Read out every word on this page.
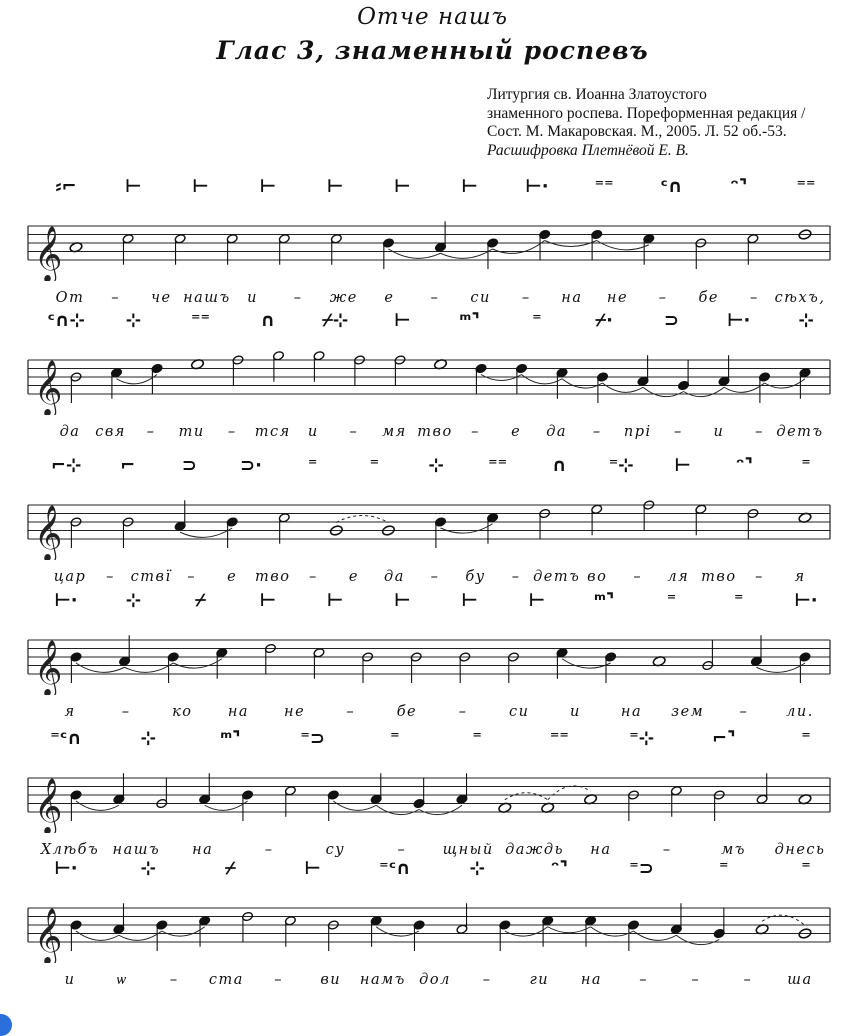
Отче нашъ
Глас 3, знаменный роспевъ
Литургия св. Иоанна Златоустого
знаменного роспева. Пореформенная редакция /
Сост. М. Макаровская. М., 2005. Л. 52 об.-53.
Расшифровка Плетнёвой Е. В.
⸗⌐	⊢	⊢	⊢	⊢	⊢	⊢	⊢·	⁼⁼	ᶜ∩	ᵔ⌝	⁼⁼
𝄞
От – че нашъ и – же е – си – на не – бе – сѣхъ,
ᶜ∩⊹ ⊹	⁼⁼	∩	⌿⊹	⊢	ᵐ⌝	⁼	⌿·	⊃	⊢·	⊹
𝄞
да свя – ти – тся и – мя тво – е да – прі – и – детъ
⌐⊹ ⌐	⊃ ⊃·	⁼	⁼	⊹ ⁼⁼ ∩ ⁼⊹ ⊢ ᵔ⌝	⁼
𝄞
цар – ствї – е тво – е да – бу – детъ во – ля тво – я
⊢·	⊹	⌿	⊢	⊢	⊢	⊢	⊢	ᵐ⌝	⁼	⁼	⊢·
𝄞
я	–	ко на не	–	бе	–	си	и	на зем –	ли.
⁼ᶜ∩	⊹	ᵐ⌝	⁼⊃	⁼	⁼	⁼⁼	⁼⊹	⌐⌝	⁼
𝄞
Хлѣбъ нашъ на	–	су	–	щный даждь на	–	мъ днесь
⊢·	⊹	⌿	⊢	⁼ᶜ∩	⊹	ᵔ⌝	⁼⊃	⁼	⁼
𝄞
и	ѡ	– ста –	ви намъ дол –	ги на	–	–	– ша
